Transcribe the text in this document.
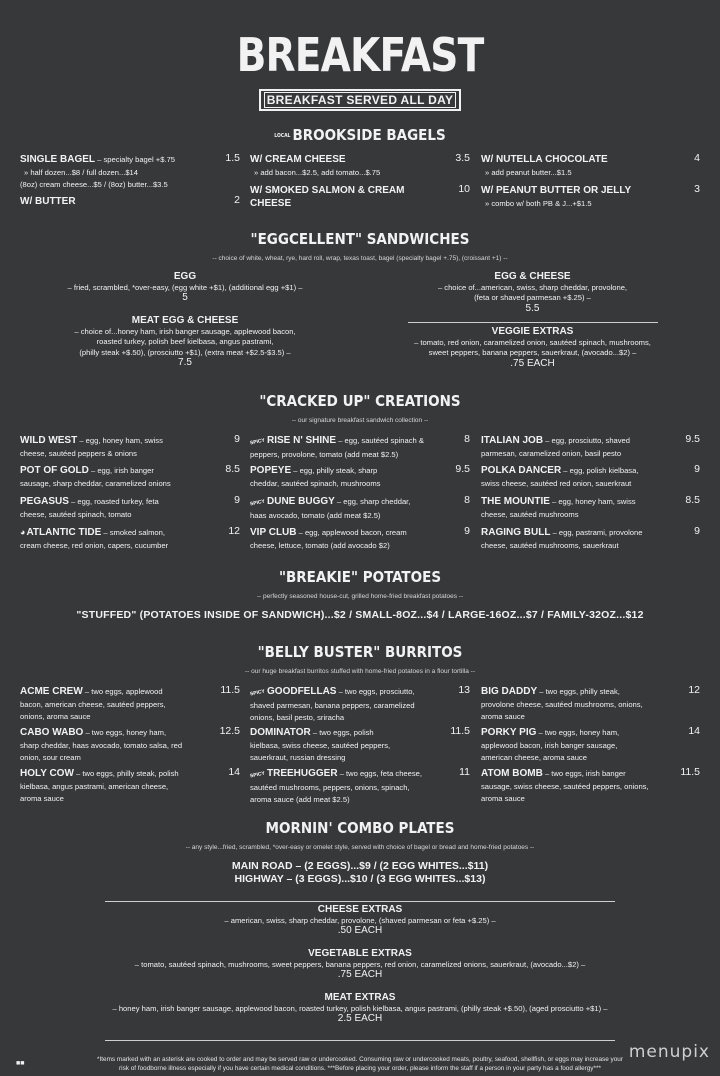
BREAKFAST
BREAKFAST SERVED ALL DAY
LOCAL BROOKSIDE BAGELS
SINGLE BAGEL – specialty bagel +$.75
» half dozen...$8 / full dozen...$14
(8oz) cream cheese...$5 / (8oz) butter...$3.5
1.5
W/ BUTTER	2
W/ CREAM CHEESE
» add bacon...$2.5, add tomato...$.75
3.5
W/ SMOKED SALMON & CREAM
CHEESE
10
W/ NUTELLA CHOCOLATE
» add peanut butter...$1.5
4
W/ PEANUT BUTTER OR JELLY
» combo w/ both PB & J...+$1.5
3
"EGGCELLENT" SANDWICHES
-- choice of white, wheat, rye, hard roll, wrap, texas toast, bagel (specialty bagel +.75), (croissant +1) --
EGG
– fried, scrambled, *over-easy, (egg white +$1), (additional egg +$1) –
5
MEAT EGG & CHEESE
– choice of...honey ham, irish banger sausage, applewood bacon,
roasted turkey, polish beef kielbasa, angus pastrami,
(philly steak +$.50), (prosciutto +$1), (extra meat +$2.5-$3.5) –
7.5
EGG & CHEESE
– choice of...american, swiss, sharp cheddar, provolone,
(feta or shaved parmesan +$.25) –
5.5
VEGGIE EXTRAS
– tomato, red onion, caramelized onion, sautéed spinach, mushrooms,
sweet peppers, banana peppers, sauerkraut, (avocado...$2) –
.75 EACH
"CRACKED UP" CREATIONS
-- our signature breakfast sandwich collection --
WILD WEST – egg, honey ham, swiss
cheese, sautéed peppers & onions
9
POT OF GOLD – egg, irish banger
sausage, sharp cheddar, caramelized onions
8.5
PEGASUS – egg, roasted turkey, feta
cheese, sautéed spinach, tomato
9
◕ATLANTIC TIDE – smoked salmon,
cream cheese, red onion, capers, cucumber
12
SPICY RISE N' SHINE – egg, sautéed spinach &
peppers, provolone, tomato (add meat $2.5)
8
POPEYE – egg, philly steak, sharp
cheddar, sautéed spinach, mushrooms
9.5
SPICY DUNE BUGGY – egg, sharp cheddar,
haas avocado, tomato (add meat $2.5)
8
VIP CLUB – egg, applewood bacon, cream
cheese, lettuce, tomato (add avocado $2)
9
ITALIAN JOB – egg, prosciutto, shaved
parmesan, caramelized onion, basil pesto
9.5
POLKA DANCER – egg, polish kielbasa,
swiss cheese, sautéed red onion, sauerkraut
9
THE MOUNTIE – egg, honey ham, swiss
cheese, sautéed mushrooms
8.5
RAGING BULL – egg, pastrami, provolone
cheese, sautéed mushrooms, sauerkraut
9
"BREAKIE" POTATOES
-- perfectly seasoned house-cut, grilled home-fried breakfast potatoes --
"STUFFED" (POTATOES INSIDE OF SANDWICH)...$2 / SMALL-8OZ...$4 / LARGE-16OZ...$7 / FAMILY-32OZ...$12
"BELLY BUSTER" BURRITOS
-- our huge breakfast burritos stuffed with home-fried potatoes in a flour tortilla --
ACME CREW – two eggs, applewood
bacon, american cheese, sautéed peppers,
onions, aroma sauce
11.5
CABO WABO – two eggs, honey ham,
sharp cheddar, haas avocado, tomato salsa, red
onion, sour cream
12.5
HOLY COW – two eggs, philly steak, polish
kielbasa, angus pastrami, american cheese,
aroma sauce
14
SPICY GOODFELLAS – two eggs, prosciutto,
shaved parmesan, banana peppers, caramelized
onions, basil pesto, sriracha
13
DOMINATOR – two eggs, polish
kielbasa, swiss cheese, sautéed peppers,
sauerkraut, russian dressing
11.5
SPICY TREEHUGGER – two eggs, feta cheese,
sautéed mushrooms, peppers, onions, spinach,
aroma sauce (add meat $2.5)
11
BIG DADDY – two eggs, philly steak,
provolone cheese, sautéed mushrooms, onions,
aroma sauce
12
PORKY PIG – two eggs, honey ham,
applewood bacon, irish banger sausage,
american cheese, aroma sauce
14
ATOM BOMB – two eggs, irish banger
sausage, swiss cheese, sautéed peppers, onions,
aroma sauce
11.5
MORNIN' COMBO PLATES
-- any style...fried, scrambled, *over-easy or omelet style, served with choice of bagel or bread and home-fried potatoes --
MAIN ROAD – (2 EGGS)...$9 / (2 EGG WHITES...$11)
HIGHWAY – (3 EGGS)...$10 / (3 EGG WHITES...$13)
CHEESE EXTRAS
– american, swiss, sharp cheddar, provolone, (shaved parmesan or feta +$.25) –
.50 EACH
VEGETABLE EXTRAS
– tomato, sautéed spinach, mushrooms, sweet peppers, banana peppers, red onion, caramelized onions, sauerkraut, (avocado...$2) –
.75 EACH
MEAT EXTRAS
– honey ham, irish banger sausage, applewood bacon, roasted turkey, polish kielbasa, angus pastrami, (philly steak +$.50), (aged prosciutto +$1) –
2.5 EACH
■■
*Items marked with an asterisk are cooked to order and may be served raw or undercooked. Consuming raw or undercooked meats, poultry, seafood, shellfish, or eggs may increase your
risk of foodborne illness especially if you have certain medical conditions. ***Before placing your order, please inform the staff if a person in your party has a food allergy***
menupix
